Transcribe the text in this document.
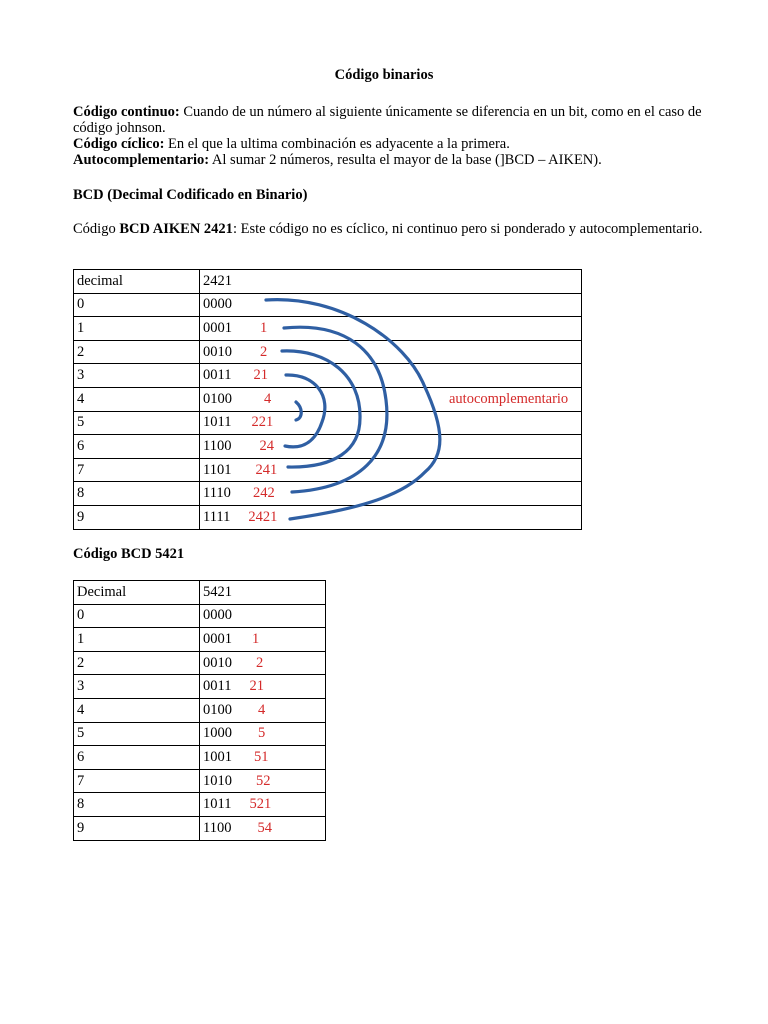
Código binarios
Código continuo: Cuando de un número al siguiente únicamente se diferencia en un bit, como en el caso de código johnson.
Código cíclico: En el que la ultima combinación es adyacente a la primera.
Autocomplementario: Al sumar 2 números, resulta el mayor de la base (]BCD – AIKEN).
BCD (Decimal Codificado en Binario)
Código BCD AIKEN 2421: Este código no es cíclico, ni continuo pero si ponderado y autocomplementario.
decimal	2421
0	0000
1	0001 1
2	0010 2
3	0011 21
4	0100 4
5	1011 221
6	1100 24
7	1101 241
8	1110 242
9	1111 2421
autocomplementario
Código BCD 5421
Decimal	5421
0	0000
1	0001 1
2	0010 2
3	0011 21
4	0100 4
5	1000 5
6	1001 51
7	1010 52
8	1011 521
9	1100 54
